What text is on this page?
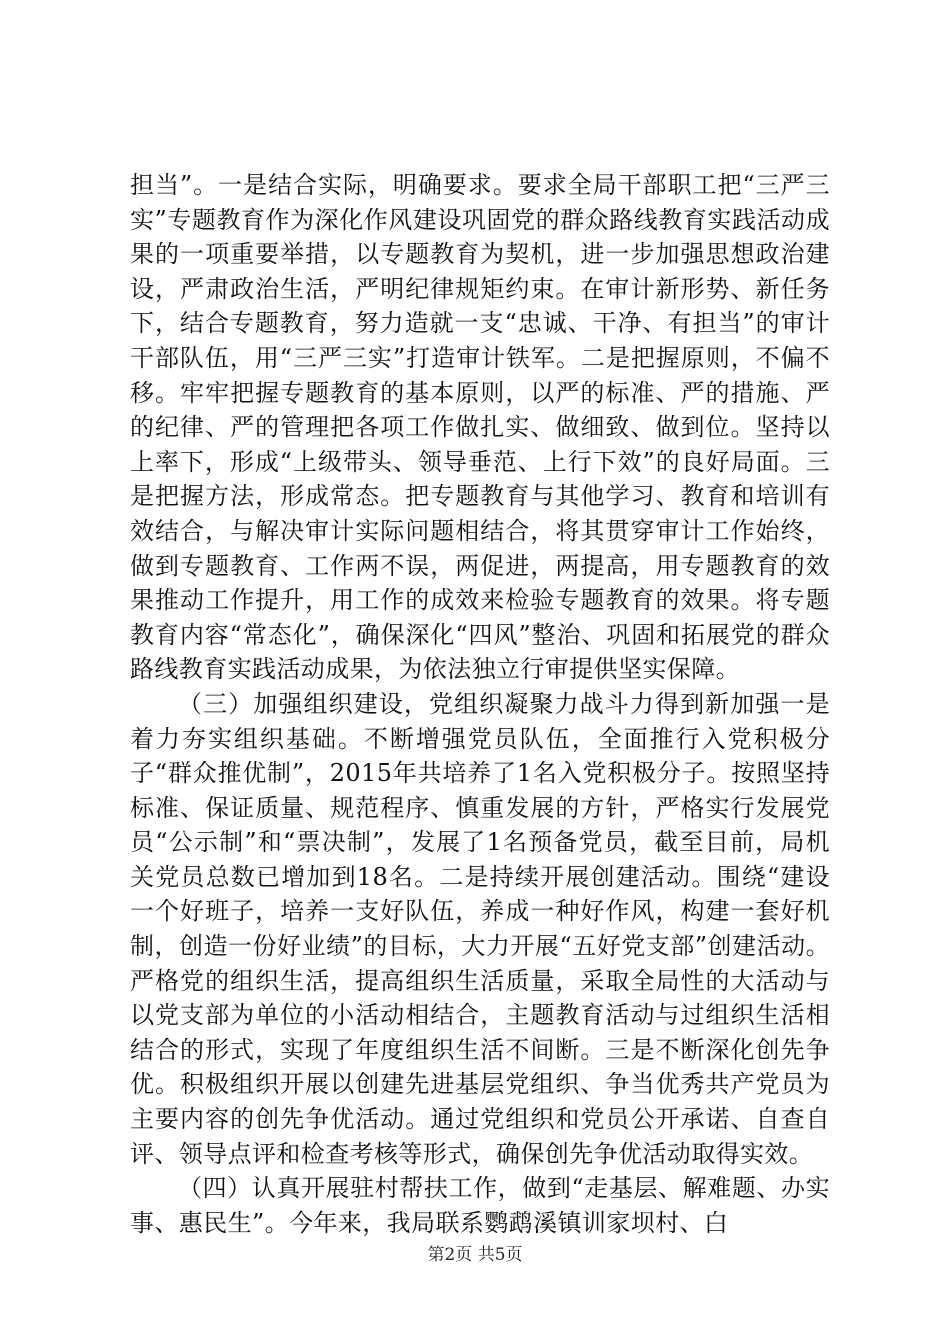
担当”。一是结合实际，明确要求。要求全局干部职工把“三严三实”专题教育作为深化作风建设巩固党的群众路线教育实践活动成果的一项重要举措，以专题教育为契机，进一步加强思想政治建设，严肃政治生活，严明纪律规矩约束。在审计新形势、新任务下，结合专题教育，努力造就一支“忠诚、干净、有担当”的审计干部队伍，用“三严三实”打造审计铁军。二是把握原则，不偏不移。牢牢把握专题教育的基本原则，以严的标准、严的措施、严的纪律、严的管理把各项工作做扎实、做细致、做到位。坚持以上率下，形成“上级带头、领导垂范、上行下效”的良好局面。三是把握方法，形成常态。把专题教育与其他学习、教育和培训有效结合，与解决审计实际问题相结合，将其贯穿审计工作始终，做到专题教育、工作两不误，两促进，两提高，用专题教育的效果推动工作提升，用工作的成效来检验专题教育的效果。将专题教育内容“常态化”，确保深化“四风”整治、巩固和拓展党的群众路线教育实践活动成果，为依法独立行审提供坚实保障。

（三）加强组织建设，党组织凝聚力战斗力得到新加强一是着力夯实组织基础。不断增强党员队伍，全面推行入党积极分子“群众推优制”，2015年共培养了1名入党积极分子。按照坚持标准、保证质量、规范程序、慎重发展的方针，严格实行发展党员“公示制”和“票决制”，发展了1名预备党员，截至目前，局机关党员总数已增加到18名。二是持续开展创建活动。围绕“建设一个好班子，培养一支好队伍，养成一种好作风，构建一套好机制，创造一份好业绩”的目标，大力开展“五好党支部”创建活动。严格党的组织生活，提高组织生活质量，采取全局性的大活动与以党支部为单位的小活动相结合，主题教育活动与过组织生活相结合的形式，实现了年度组织生活不间断。三是不断深化创先争优。积极组织开展以创建先进基层党组织、争当优秀共产党员为主要内容的创先争优活动。通过党组织和党员公开承诺、自查自评、领导点评和检查考核等形式，确保创先争优活动取得实效。

（四）认真开展驻村帮扶工作，做到“走基层、解难题、办实事、惠民生”。今年来，我局联系鹦鹉溪镇训家坝村、白

第2页 共5页
